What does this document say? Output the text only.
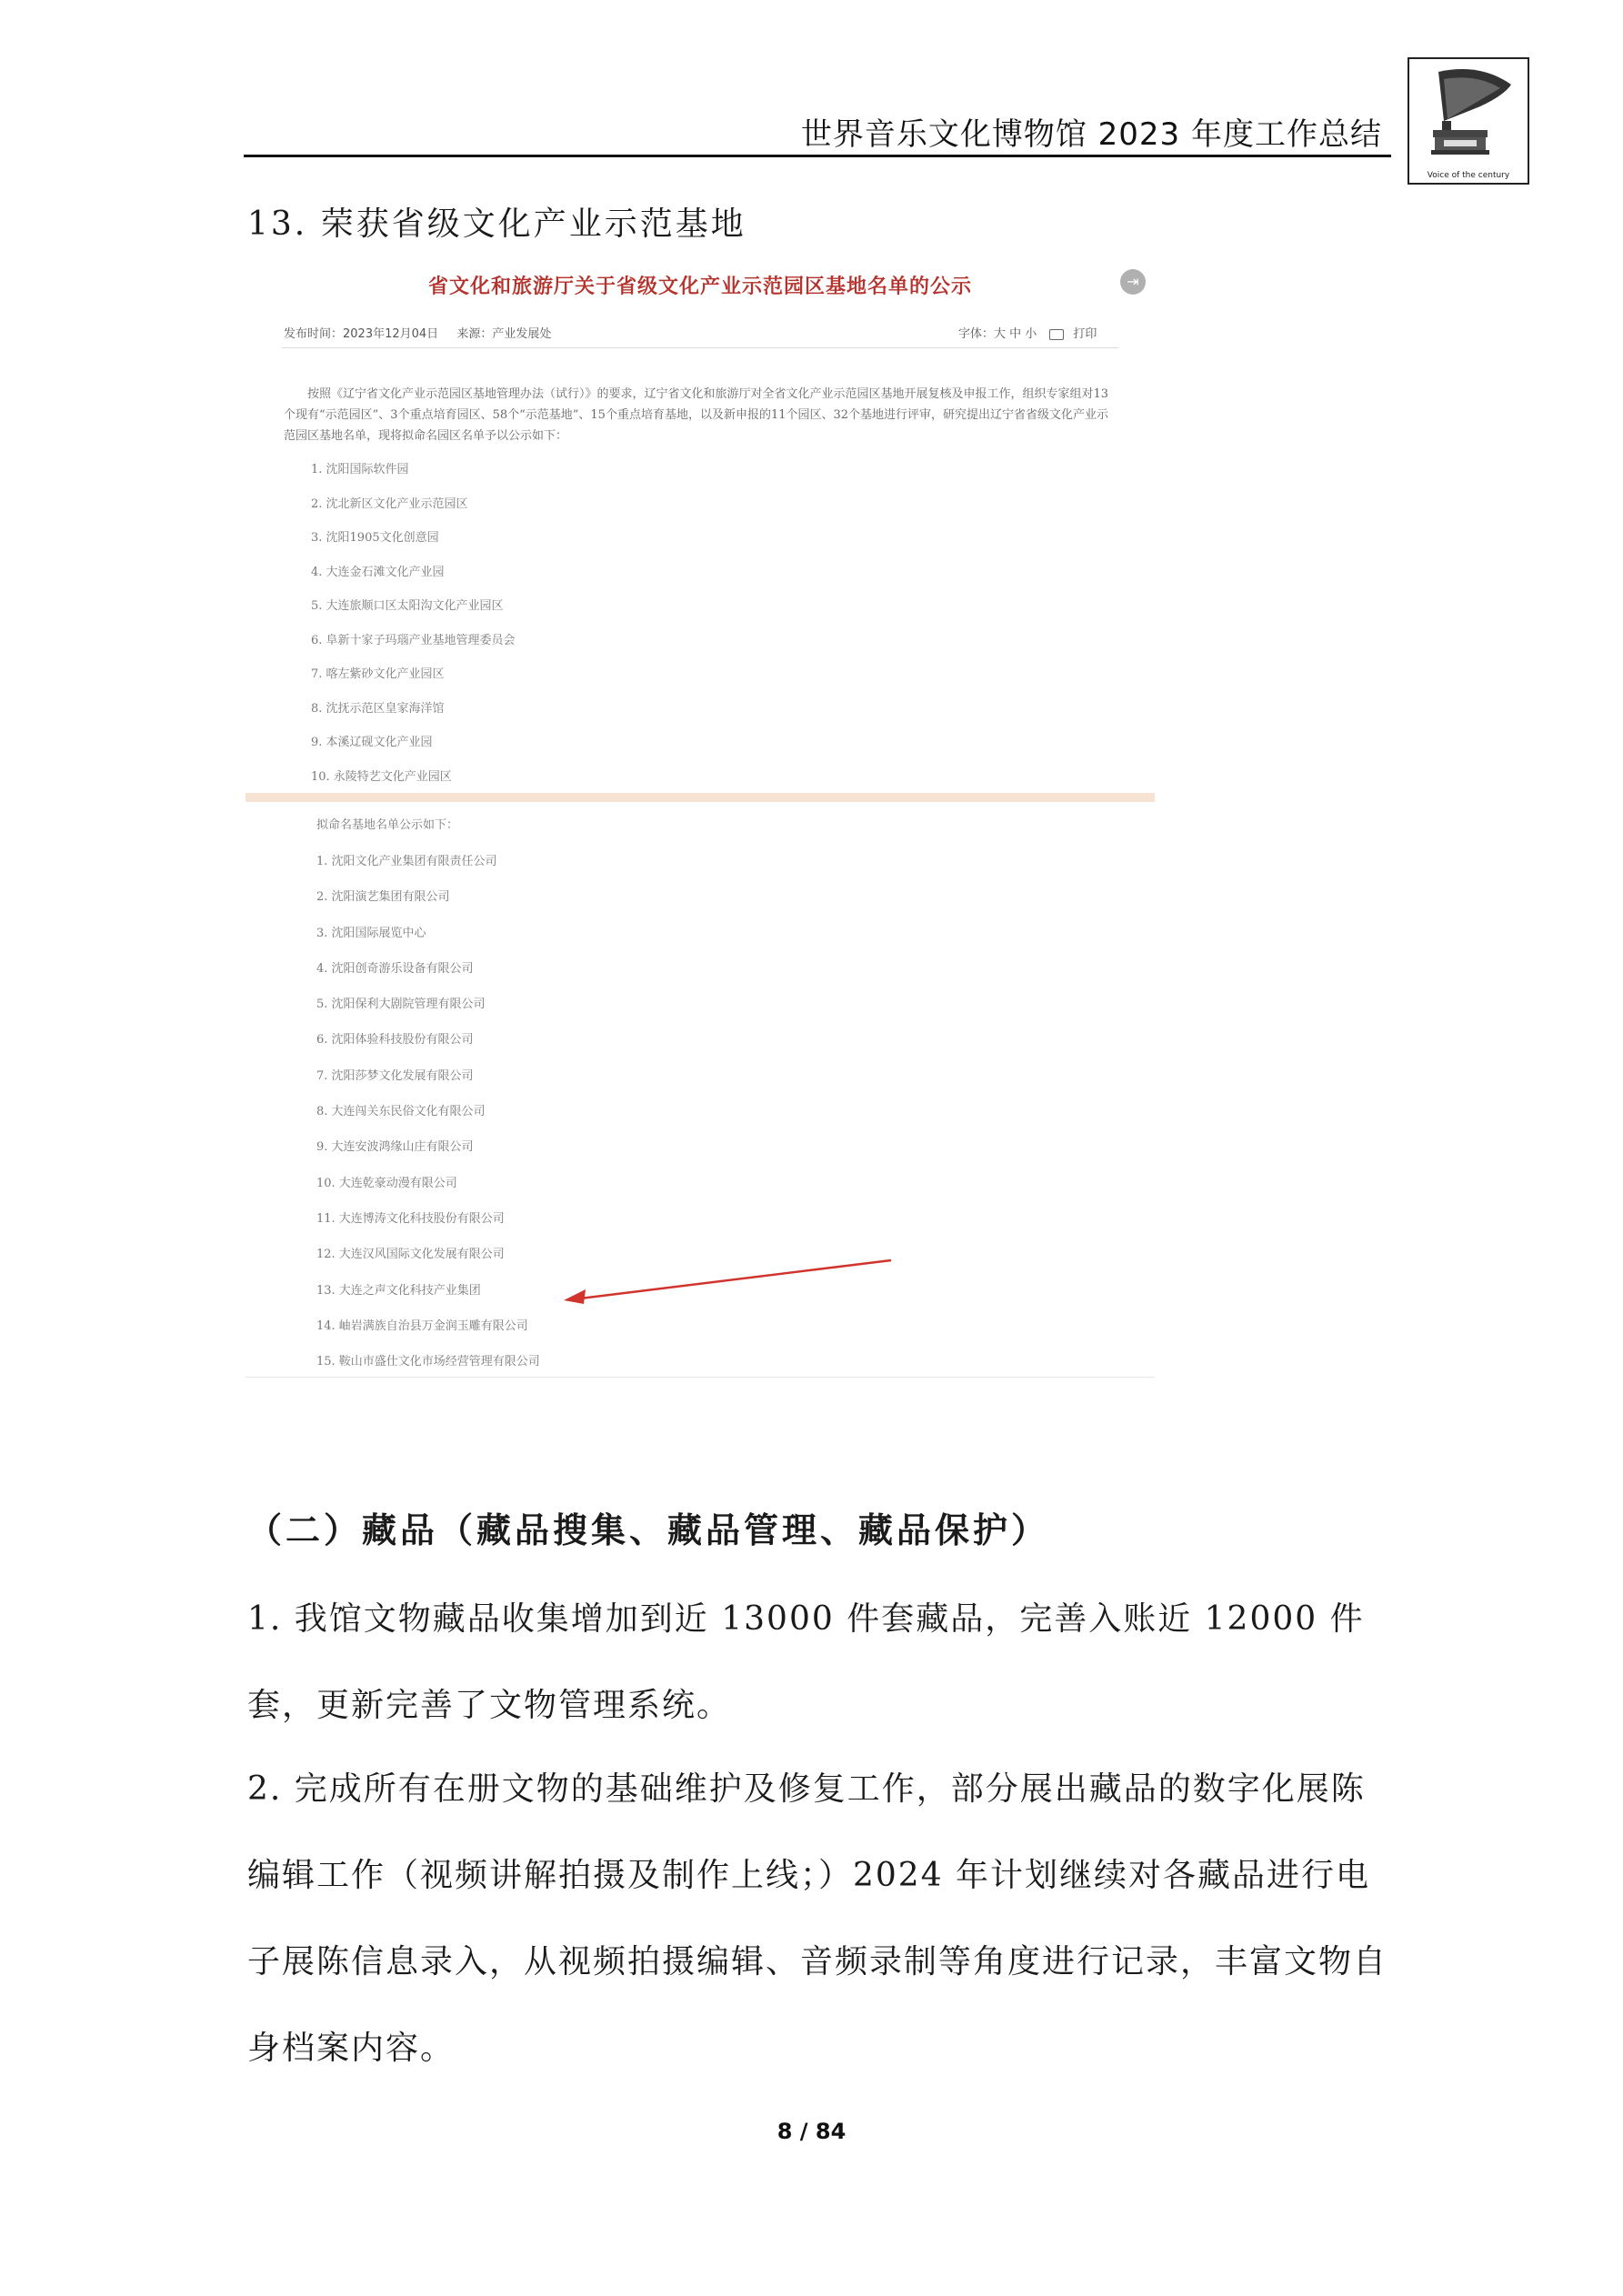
世界音乐文化博物馆 2023 年度工作总结
Voice of the century
13. 荣获省级文化产业示范基地
省文化和旅游厅关于省级文化产业示范园区基地名单的公示	⇥
发布时间：2023年12月04日 来源：产业发展处	字体：大 中 小	打印
按照《辽宁省文化产业示范园区基地管理办法（试行）》的要求，辽宁省文化和旅游厅对全省文化产业示范园区基地开展复核及申报工作，组织专家组对13个现有“示范园区”、3个重点培育园区、58个“示范基地”、15个重点培育基地，以及新申报的11个园区、32个基地进行评审，研究提出辽宁省省级文化产业示范园区基地名单，现将拟命名园区名单予以公示如下：
1. 沈阳国际软件园
2. 沈北新区文化产业示范园区
3. 沈阳1905文化创意园
4. 大连金石滩文化产业园
5. 大连旅顺口区太阳沟文化产业园区
6. 阜新十家子玛瑙产业基地管理委员会
7. 喀左紫砂文化产业园区
8. 沈抚示范区皇家海洋馆
9. 本溪辽砚文化产业园
10. 永陵特艺文化产业园区
拟命名基地名单公示如下：
1. 沈阳文化产业集团有限责任公司
2. 沈阳演艺集团有限公司
3. 沈阳国际展览中心
4. 沈阳创奇游乐设备有限公司
5. 沈阳保利大剧院管理有限公司
6. 沈阳体验科技股份有限公司
7. 沈阳莎梦文化发展有限公司
8. 大连闯关东民俗文化有限公司
9. 大连安波鸿缘山庄有限公司
10. 大连乾豪动漫有限公司
11. 大连博涛文化科技股份有限公司
12. 大连汉风国际文化发展有限公司
13. 大连之声文化科技产业集团
14. 岫岩满族自治县万金润玉雕有限公司
15. 鞍山市盛仕文化市场经营管理有限公司
（二）藏品（藏品搜集、藏品管理、藏品保护）

1. 我馆文物藏品收集增加到近 13000 件套藏品，完善入账近 12000 件套，更新完善了文物管理系统。

2. 完成所有在册文物的基础维护及修复工作，部分展出藏品的数字化展陈编辑工作（视频讲解拍摄及制作上线；）2024 年计划继续对各藏品进行电子展陈信息录入，从视频拍摄编辑、音频录制等角度进行记录，丰富文物自身档案内容。

8 / 84
